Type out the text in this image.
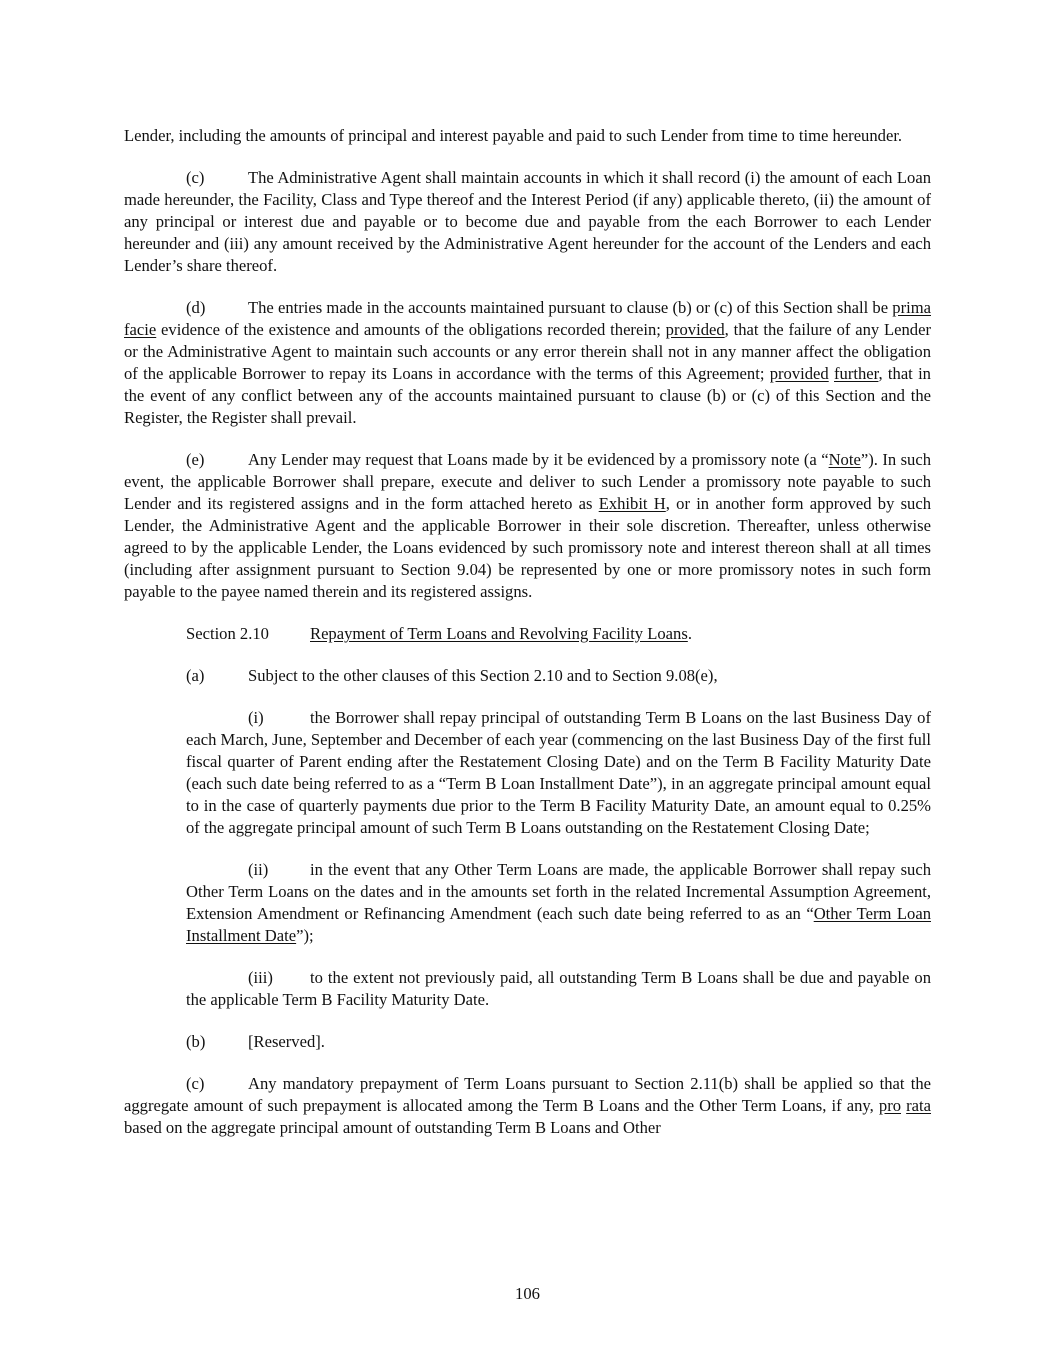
Lender, including the amounts of principal and interest payable and paid to such Lender from time to time hereunder.

(c)	The Administrative Agent shall maintain accounts in which it shall record (i) the amount of each Loan made hereunder, the Facility, Class and Type thereof and the Interest Period (if any) applicable thereto, (ii) the amount of any principal or interest due and payable or to become due and payable from the each Borrower to each Lender hereunder and (iii) any amount received by the Administrative Agent hereunder for the account of the Lenders and each Lender’s share thereof.

(d)	The entries made in the accounts maintained pursuant to clause (b) or (c) of this Section shall be prima facie evidence of the existence and amounts of the obligations recorded therein; provided, that the failure of any Lender or the Administrative Agent to maintain such accounts or any error therein shall not in any manner affect the obligation of the applicable Borrower to repay its Loans in accordance with the terms of this Agreement; provided further, that in the event of any conflict between any of the accounts maintained pursuant to clause (b) or (c) of this Section and the Register, the Register shall prevail.

(e)	Any Lender may request that Loans made by it be evidenced by a promissory note (a “Note”). In such event, the applicable Borrower shall prepare, execute and deliver to such Lender a promissory note payable to such Lender and its registered assigns and in the form attached hereto as Exhibit H, or in another form approved by such Lender, the Administrative Agent and the applicable Borrower in their sole discretion. Thereafter, unless otherwise agreed to by the applicable Lender, the Loans evidenced by such promissory note and interest thereon shall at all times (including after assignment pursuant to Section 9.04) be represented by one or more promissory notes in such form payable to the payee named therein and its registered assigns.

Section 2.10 Repayment of Term Loans and Revolving Facility Loans.

(a)	Subject to the other clauses of this Section 2.10 and to Section 9.08(e),

(i)	the Borrower shall repay principal of outstanding Term B Loans on the last Business Day of each March, June, September and December of each year (commencing on the last Business Day of the first full fiscal quarter of Parent ending after the Restatement Closing Date) and on the Term B Facility Maturity Date (each such date being referred to as a “Term B Loan Installment Date”), in an aggregate principal amount equal to in the case of quarterly payments due prior to the Term B Facility Maturity Date, an amount equal to 0.25% of the aggregate principal amount of such Term B Loans outstanding on the Restatement Closing Date;

(ii)	in the event that any Other Term Loans are made, the applicable Borrower shall repay such Other Term Loans on the dates and in the amounts set forth in the related Incremental Assumption Agreement, Extension Amendment or Refinancing Amendment (each such date being referred to as an “Other Term Loan Installment Date”);

(iii) to the extent not previously paid, all outstanding Term B Loans shall be due and payable on the applicable Term B Facility Maturity Date.

(b)	[Reserved].

(c)	Any mandatory prepayment of Term Loans pursuant to Section 2.11(b) shall be applied so that the aggregate amount of such prepayment is allocated among the Term B Loans and the Other Term Loans, if any, pro rata based on the aggregate principal amount of outstanding Term B Loans and Other

106
